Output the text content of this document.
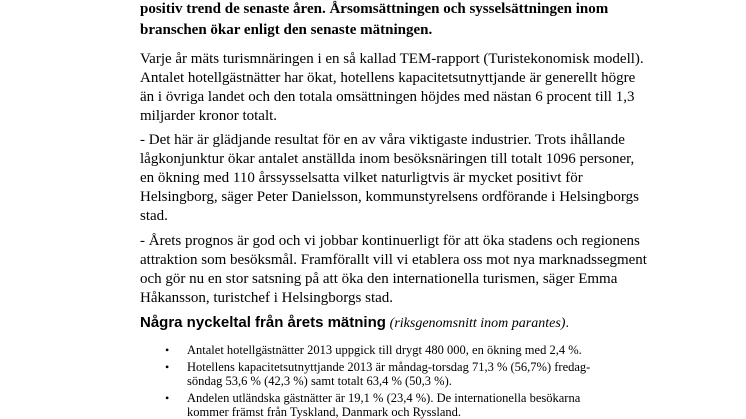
positiv trend de senaste åren. Årsomsättningen och sysselsättningen inom
branschen ökar enligt den senaste mätningen.
Varje år mäts turismnäringen i en så kallad TEM-rapport (Turistekonomisk modell).
Antalet hotellgästnätter har ökat, hotellens kapacitetsutnyttjande är generellt högre
än i övriga landet och den totala omsättningen höjdes med nästan 6 procent till 1,3
miljarder kronor totalt.
- Det här är glädjande resultat för en av våra viktigaste industrier. Trots ihållande
lågkonjunktur ökar antalet anställda inom besöksnäringen till totalt 1096 personer,
en ökning med 110 årssysselsatta vilket naturligtvis är mycket positivt för
Helsingborg, säger Peter Danielsson, kommunstyrelsens ordförande i Helsingborgs
stad.
- Årets prognos är god och vi jobbar kontinuerligt för att öka stadens och regionens
attraktion som besöksmål. Framförallt vill vi etablera oss mot nya marknadssegment
och gör nu en stor satsning på att öka den internationella turismen, säger Emma
Håkansson, turistchef i Helsingborgs stad.
Några nyckeltal från årets mätning (riksgenomsnitt inom parantes).
• Antalet hotellgästnätter 2013 uppgick till drygt 480 000, en ökning med 2,4 %.
• Hotellens kapacitetsutnyttjande 2013 är måndag-torsdag 71,3 % (56,7%) fredag-
söndag 53,6 % (42,3 %) samt totalt 63,4 % (50,3 %).
• Andelen utländska gästnätter är 19,1 % (23,4 %). De internationella besökarna
kommer främst från Tyskland, Danmark och Ryssland.
